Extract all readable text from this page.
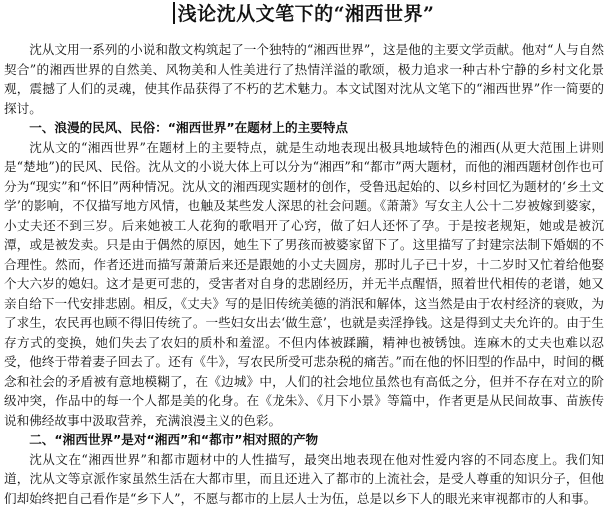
浅论沈从文笔下的“湘西世界”

沈从文用一系列的小说和散文构筑起了一个独特的“湘西世界”，这是他的主要文学贡献。他对“人与自然契合”的湘西世界的自然美、风物美和人性美进行了热情洋溢的歌颂，极力追求一种古朴宁静的乡村文化景观，震撼了人们的灵魂，使其作品获得了不朽的艺术魅力。本文试图对沈从文笔下的“湘西世界”作一简要的探讨。

一、浪漫的民风、民俗：“湘西世界”在题材上的主要特点

沈从文的“湘西世界”在题材上的主要特点，就是生动地表现出极具地域特色的湘西(从更大范围上讲则是“楚地”)的民风、民俗。沈从文的小说大体上可以分为“湘西”和“都市”两大题材，而他的湘西题材创作也可分为“现实”和“怀旧”两种情况。沈从文的湘西现实题材的创作，受鲁迅起始的、以乡村回忆为题材的‘乡土文学’的影响，不仅描写地方风情，也触及某些发人深思的社会问题。《萧萧》写女主人公十二岁被嫁到婆家，小丈夫还不到三岁。后来她被工人花狗的歌唱开了心窍，做了妇人还怀了孕。于是按老规矩，她或是被沉潭，或是被发卖。只是由于偶然的原因，她生下了男孩而被婆家留下了。这里描写了封建宗法制下婚姻的不合理性。然而，作者还进而描写萧萧后来还是跟她的小丈夫圆房，那时儿子已十岁，十二岁时又忙着给他娶个大六岁的媳妇。这才是更可悲的，受害者对自身的悲剧经历，并无半点醒悟，照着世代相传的老谱，她又亲自给下一代安排悲剧。相反，《丈夫》写的是旧传统美德的消泯和解体，这当然是由于农村经济的衰败，为了求生，农民再也顾不得旧传统了。一些妇女出去‘做生意’，也就是卖淫挣钱。这是得到丈夫允许的。由于生存方式的变换，她们失去了农妇的质朴和羞涩。不但内体被蹂躏，精神也被锈蚀。连麻木的丈夫也难以忍受，他终于带着妻子回去了。还有《牛》，写农民所受可悲杂税的痛苦。”而在他的怀旧型的作品中，时间的概念和社会的矛盾被有意地模糊了，在《边城》中，人们的社会地位虽然也有高低之分，但并不存在对立的阶级冲突，作品中的每一个人都是美的化身。在《龙朱》、《月下小景》等篇中，作者更是从民间故事、苗族传说和佛经故事中汲取营养，充满浪漫主义的色彩。

二、“湘西世界”是对“湘西”和“都市”相对照的产物

沈从文在“湘西世界”和都市题材中的人性描写，最突出地表现在他对性爱内容的不同态度上。我们知道，沈从文等京派作家虽然生活在大都市里，而且还进入了都市的上流社会，是受人尊重的知识分子，但他们却始终把自己看作是“乡下人”，不愿与都市的上层人士为伍，总是以乡下人的眼光来审视都市的人和事。
